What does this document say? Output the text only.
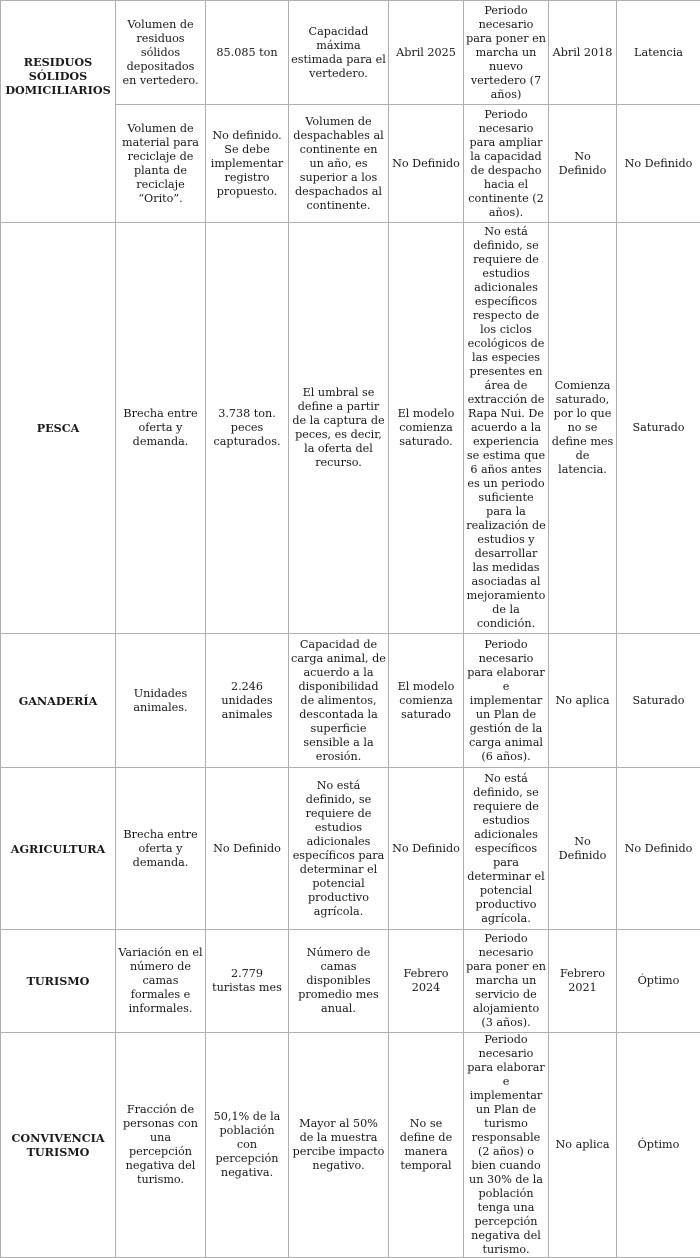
RESIDUOS
SÓLIDOS
DOMICILIARIOS	Volumen de residuos sólidos depositados en vertedero.	85.085 ton	Capacidad máxima estimada para el vertedero.	Abril 2025	Periodo necesario para poner en marcha un nuevo vertedero (7 años)	Abril 2018	Latencia
	Volumen de material para reciclaje de planta de reciclaje “Orito”.	No definido. Se debe implementar registro propuesto.	Volumen de despachables al continente en un año, es superior a los despachados al continente.	No Definido	Periodo necesario para ampliar la capacidad de despacho hacia el continente (2 años).	No Definido	No Definido
PESCA	Brecha entre oferta y demanda.	3.738 ton. peces capturados.	El umbral se define a partir de la captura de peces, es decir, la oferta del recurso.	El modelo comienza saturado.	No está definido, se requiere de estudios adicionales específicos respecto de los ciclos ecológicos de las especies presentes en área de extracción de Rapa Nui. De acuerdo a la experiencia se estima que 6 años antes es un periodo suficiente para la realización de estudios y desarrollar las medidas asociadas al mejoramiento de la condición.	Comienza saturado, por lo que no se define mes de latencia.	Saturado
GANADERÍA	Unidades animales.	2.246 unidades animales	Capacidad de carga animal, de acuerdo a la disponibilidad de alimentos, descontada la superficie sensible a la erosión.	El modelo comienza saturado	Periodo necesario para elaborar e implementar un Plan de gestión de la carga animal (6 años).	No aplica	Saturado
AGRICULTURA	Brecha entre oferta y demanda.	No Definido	No está definido, se requiere de estudios adicionales específicos para determinar el potencial productivo agrícola.	No Definido	No está definido, se requiere de estudios adicionales específicos para determinar el potencial productivo agrícola.	No Definido	No Definido
TURISMO	Variación en el número de camas formales e informales.	2.779 turistas mes	Número de camas disponibles promedio mes anual.	Febrero 2024	Periodo necesario para poner en marcha un servicio de alojamiento (3 años).	Febrero 2021	Óptimo
CONVIVENCIA
TURISMO	Fracción de personas con una percepción negativa del turismo.	50,1% de la población con percepción negativa.	Mayor al 50% de la muestra percibe impacto negativo.	No se define de manera temporal	Periodo necesario para elaborar e implementar un Plan de turismo responsable (2 años) o bien cuando un 30% de la población tenga una percepción negativa del turismo.	No aplica	Óptimo
